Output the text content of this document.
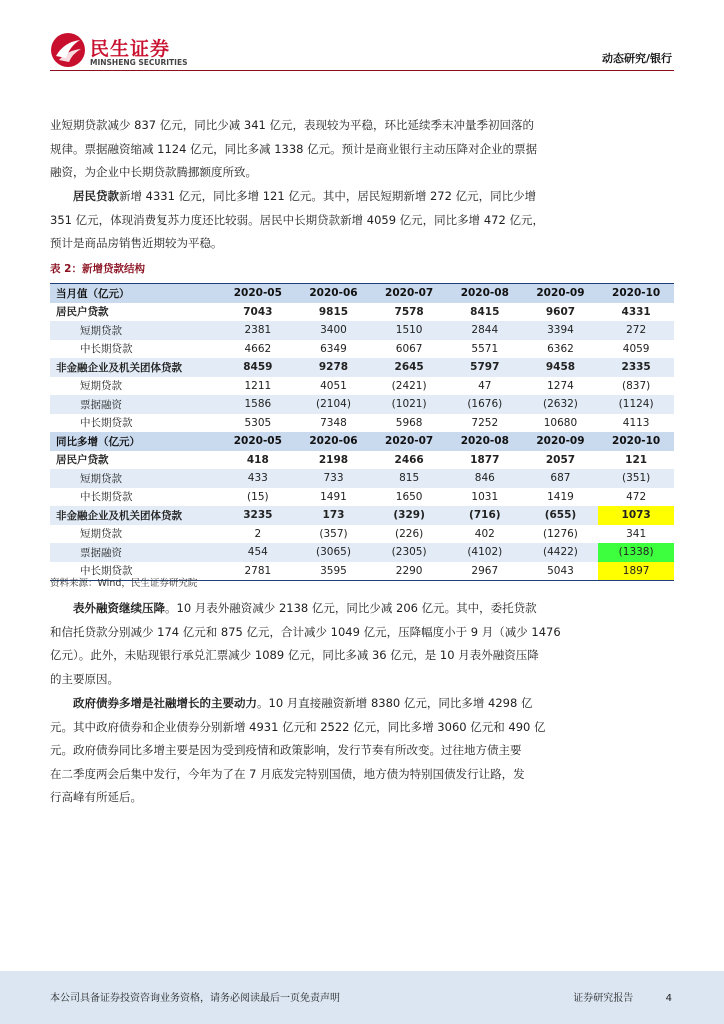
民生证券
MINSHENG SECURITIES	动态研究/银行

业短期贷款减少 837 亿元，同比少减 341 亿元，表现较为平稳，环比延续季末冲量季初回落的
规律。票据融资缩减 1124 亿元，同比多减 1338 亿元。预计是商业银行主动压降对企业的票据
融资，为企业中长期贷款腾挪额度所致。

居民贷款新增 4331 亿元，同比多增 121 亿元。其中，居民短期新增 272 亿元，同比少增
351 亿元，体现消费复苏力度还比较弱。居民中长期贷款新增 4059 亿元，同比多增 472 亿元，
预计是商品房销售近期较为平稳。

表 2：新增贷款结构
当月值（亿元）	2020-05	2020-06	2020-07	2020-08	2020-09	2020-10
居民户贷款	7043	9815	7578	8415	9607	4331
短期贷款	2381	3400	1510	2844	3394	272
中长期贷款	4662	6349	6067	5571	6362	4059
非金融企业及机关团体贷款	8459	9278	2645	5797	9458	2335
短期贷款	1211	4051	(2421)	47	1274	(837)
票据融资	1586	(2104)	(1021)	(1676)	(2632)	(1124)
中长期贷款	5305	7348	5968	7252	10680	4113
同比多增（亿元）	2020-05	2020-06	2020-07	2020-08	2020-09	2020-10
居民户贷款	418	2198	2466	1877	2057	121
短期贷款	433	733	815	846	687	(351)
中长期贷款	(15)	1491	1650	1031	1419	472
非金融企业及机关团体贷款	3235	173	(329)	(716)	(655)	1073
短期贷款	2	(357)	(226)	402	(1276)	341
票据融资	454	(3065)	(2305)	(4102)	(4422)	(1338)
中长期贷款	2781	3595	2290	2967	5043	1897
资料来源：Wind，民生证券研究院

表外融资继续压降。10 月表外融资减少 2138 亿元，同比少减 206 亿元。其中，委托贷款
和信托贷款分别减少 174 亿元和 875 亿元，合计减少 1049 亿元，压降幅度小于 9 月（减少 1476
亿元）。此外，未贴现银行承兑汇票减少 1089 亿元，同比多减 36 亿元，是 10 月表外融资压降
的主要原因。

政府债券多增是社融增长的主要动力。10 月直接融资新增 8380 亿元，同比多增 4298 亿
元。其中政府债券和企业债券分别新增 4931 亿元和 2522 亿元，同比多增 3060 亿元和 490 亿
元。政府债券同比多增主要是因为受到疫情和政策影响，发行节奏有所改变。过往地方债主要
在二季度两会后集中发行，今年为了在 7 月底发完特别国债，地方债为特别国债发行让路，发
行高峰有所延后。

本公司具备证券投资咨询业务资格，请务必阅读最后一页免责声明	证券研究报告	4
